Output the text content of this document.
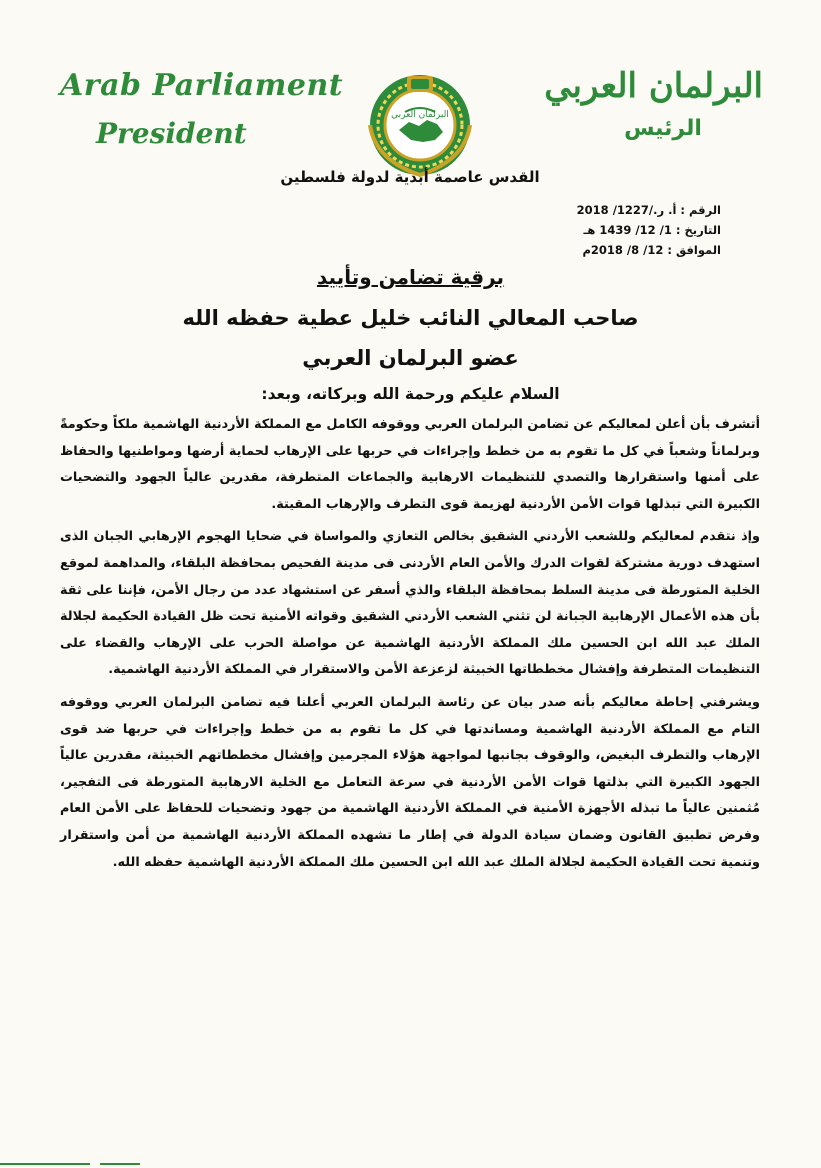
Arab Parliament
President
البرلمان العربي
الرئيس
البرلمان العربي
القدس عاصمة أبدية لدولة فلسطين
الرقم : أ. ر./1227/ 2018
التاريخ : 1/ 12/ 1439 هـ
الموافق : 12/ 8/ 2018م
برقية تضامن وتأييد
صاحب المعالي النائب خليل عطية حفظه الله
عضو البرلمان العربي
السلام عليكم ورحمة الله وبركاته، وبعد:

أتشرف بأن أعلن لمعاليكم عن تضامن البرلمان العربي ووقوفه الكامل مع المملكة الأردنية الهاشمية ملكاً وحكومةً وبرلماناً وشعباً في كل ما تقوم به من خطط وإجراءات في حربها على الإرهاب لحماية أرضها ومواطنيها والحفاظ على أمنها واستقرارها والتصدي للتنظيمات الارهابية والجماعات المتطرفة، مقدرين عالياً الجهود والتضحيات الكبيرة التي تبذلها قوات الأمن الأردنية لهزيمة قوى التطرف والإرهاب المقيتة.

وإذ نتقدم لمعاليكم وللشعب الأردني الشقيق بخالص التعازي والمواساة في ضحايا الهجوم الإرهابي الجبان الذى استهدف دورية مشتركة لقوات الدرك والأمن العام الأردنى فى مدينة الفحيص بمحافظة البلقاء، والمداهمة لموقع الخلية المتورطة فى مدينة السلط بمحافظة البلقاء والذي أسفر عن استشهاد عدد من رجال الأمن، فإننا على ثقة بأن هذه الأعمال الإرهابية الجبانة لن تثني الشعب الأردني الشقيق وقواته الأمنية تحت ظل القيادة الحكيمة لجلالة الملك عبد الله ابن الحسين ملك المملكة الأردنية الهاشمية عن مواصلة الحرب على الإرهاب والقضاء على التنظيمات المتطرفة وإفشال مخططاتها الخبيثة لزعزعة الأمن والاستقرار في المملكة الأردنية الهاشمية.

ويشرفني إحاطة معاليكم بأنه صدر بيان عن رئاسة البرلمان العربي أعلنا فيه تضامن البرلمان العربي ووقوفه التام مع المملكة الأردنية الهاشمية ومساندتها في كل ما تقوم به من خطط وإجراءات في حربها ضد قوى الإرهاب والتطرف البغيض، والوقوف بجانبها لمواجهة هؤلاء المجرمين وإفشال مخططاتهم الخبيثة، مقدرين عالياً الجهود الكبيرة التي بذلتها قوات الأمن الأردنية في سرعة التعامل مع الخلية الارهابية المتورطة فى التفجير، مُثمنين عالياً ما تبذله الأجهزة الأمنية في المملكة الأردنية الهاشمية من جهود وتضحيات للحفاظ على الأمن العام وفرض تطبيق القانون وضمان سيادة الدولة في إطار ما تشهده المملكة الأردنية الهاشمية من أمن واستقرار وتنمية تحت القيادة الحكيمة لجلالة الملك عبد الله ابن الحسين ملك المملكة الأردنية الهاشمية حفظه الله.
